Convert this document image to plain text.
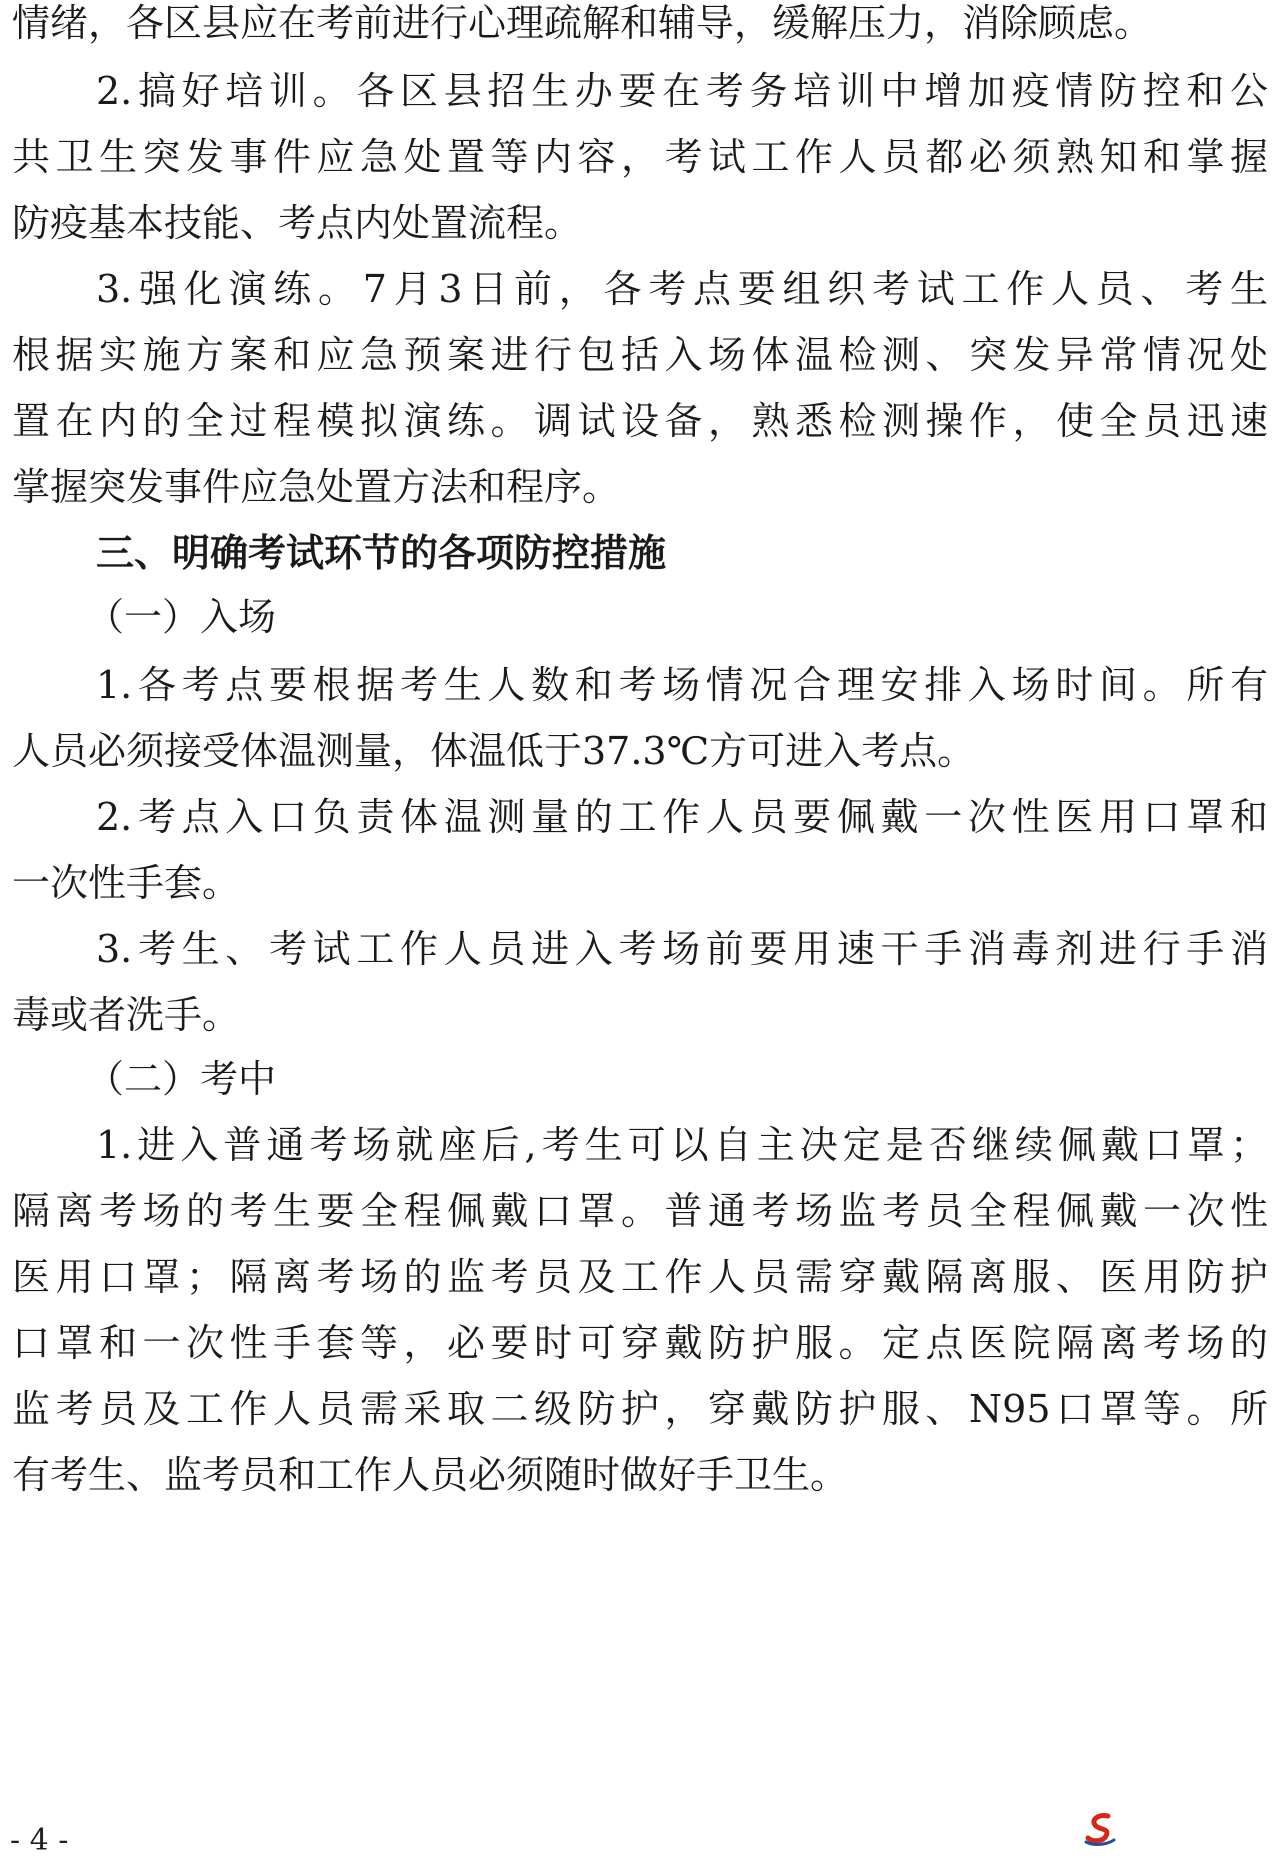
情绪，各区县应在考前进行心理疏解和辅导，缓解压力，消除顾虑。
2.搞好培训。各区县招生办要在考务培训中增加疫情防控和公
共卫生突发事件应急处置等内容，考试工作人员都必须熟知和掌握
防疫基本技能、考点内处置流程。
3.强化演练。7月3日前，各考点要组织考试工作人员、考生
根据实施方案和应急预案进行包括入场体温检测、突发异常情况处
置在内的全过程模拟演练。调试设备，熟悉检测操作，使全员迅速
掌握突发事件应急处置方法和程序。
三、明确考试环节的各项防控措施
（一）入场
1.各考点要根据考生人数和考场情况合理安排入场时间。所有
人员必须接受体温测量，体温低于37.3℃方可进入考点。
2.考点入口负责体温测量的工作人员要佩戴一次性医用口罩和
一次性手套。
3.考生、考试工作人员进入考场前要用速干手消毒剂进行手消
毒或者洗手。
（二）考中
1.进入普通考场就座后,考生可以自主决定是否继续佩戴口罩；
隔离考场的考生要全程佩戴口罩。普通考场监考员全程佩戴一次性
医用口罩；隔离考场的监考员及工作人员需穿戴隔离服、医用防护
口罩和一次性手套等，必要时可穿戴防护服。定点医院隔离考场的
监考员及工作人员需采取二级防护，穿戴防护服、N95口罩等。所
有考生、监考员和工作人员必须随时做好手卫生。
- 4 -
